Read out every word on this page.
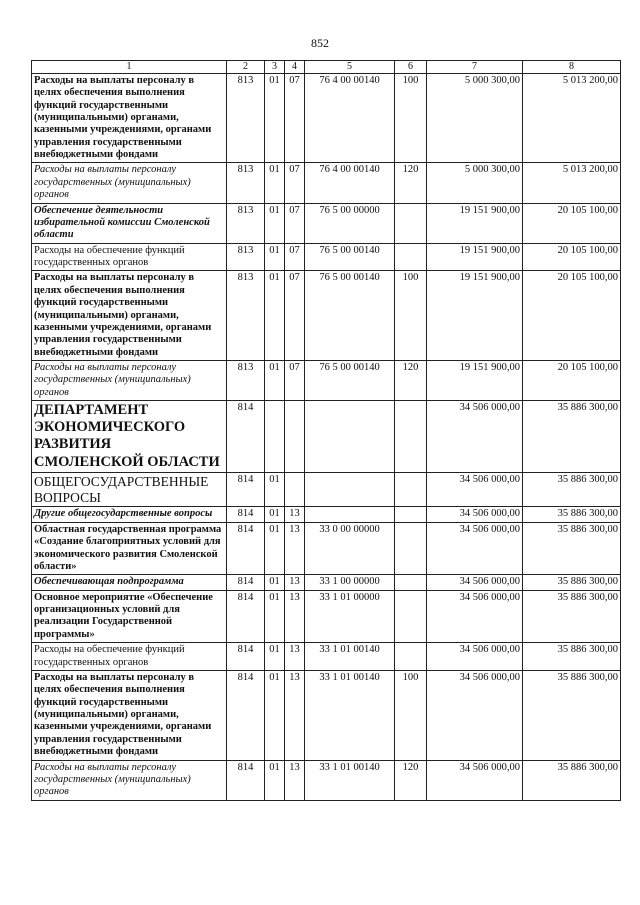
852
1	2	3	4	5	6	7	8
Расходы на выплаты персоналу в целях обеспечения выполнения функций государственными (муниципальными) органами, казенными учреждениями, органами управления государственными внебюджетными фондами	813	01	07	76 4 00 00140	100	5 000 300,00	5 013 200,00
Расходы на выплаты персоналу государственных (муниципальных) органов	813	01	07	76 4 00 00140	120	5 000 300,00	5 013 200,00
Обеспечение деятельности избирательной комиссии Смоленской области	813	01	07	76 5 00 00000		19 151 900,00	20 105 100,00
Расходы на обеспечение функций государственных органов	813	01	07	76 5 00 00140		19 151 900,00	20 105 100,00
Расходы на выплаты персоналу в целях обеспечения выполнения функций государственными (муниципальными) органами, казенными учреждениями, органами управления государственными внебюджетными фондами	813	01	07	76 5 00 00140	100	19 151 900,00	20 105 100,00
Расходы на выплаты персоналу государственных (муниципальных) органов	813	01	07	76 5 00 00140	120	19 151 900,00	20 105 100,00
ДЕПАРТАМЕНТ ЭКОНОМИЧЕСКОГО РАЗВИТИЯ СМОЛЕНСКОЙ ОБЛАСТИ	814					34 506 000,00	35 886 300,00
ОБЩЕГОСУДАРСТВЕННЫЕ ВОПРОСЫ	814	01				34 506 000,00	35 886 300,00
Другие общегосударственные вопросы	814	01	13			34 506 000,00	35 886 300,00
Областная государственная программа «Создание благоприятных условий для экономического развития Смоленской области»	814	01	13	33 0 00 00000		34 506 000,00	35 886 300,00
Обеспечивающая подпрограмма	814	01	13	33 1 00 00000		34 506 000,00	35 886 300,00
Основное мероприятие «Обеспечение организационных условий для реализации Государственной программы»	814	01	13	33 1 01 00000		34 506 000,00	35 886 300,00
Расходы на обеспечение функций государственных органов	814	01	13	33 1 01 00140		34 506 000,00	35 886 300,00
Расходы на выплаты персоналу в целях обеспечения выполнения функций государственными (муниципальными) органами, казенными учреждениями, органами управления государственными внебюджетными фондами	814	01	13	33 1 01 00140	100	34 506 000,00	35 886 300,00
Расходы на выплаты персоналу государственных (муниципальных) органов	814	01	13	33 1 01 00140	120	34 506 000,00	35 886 300,00
